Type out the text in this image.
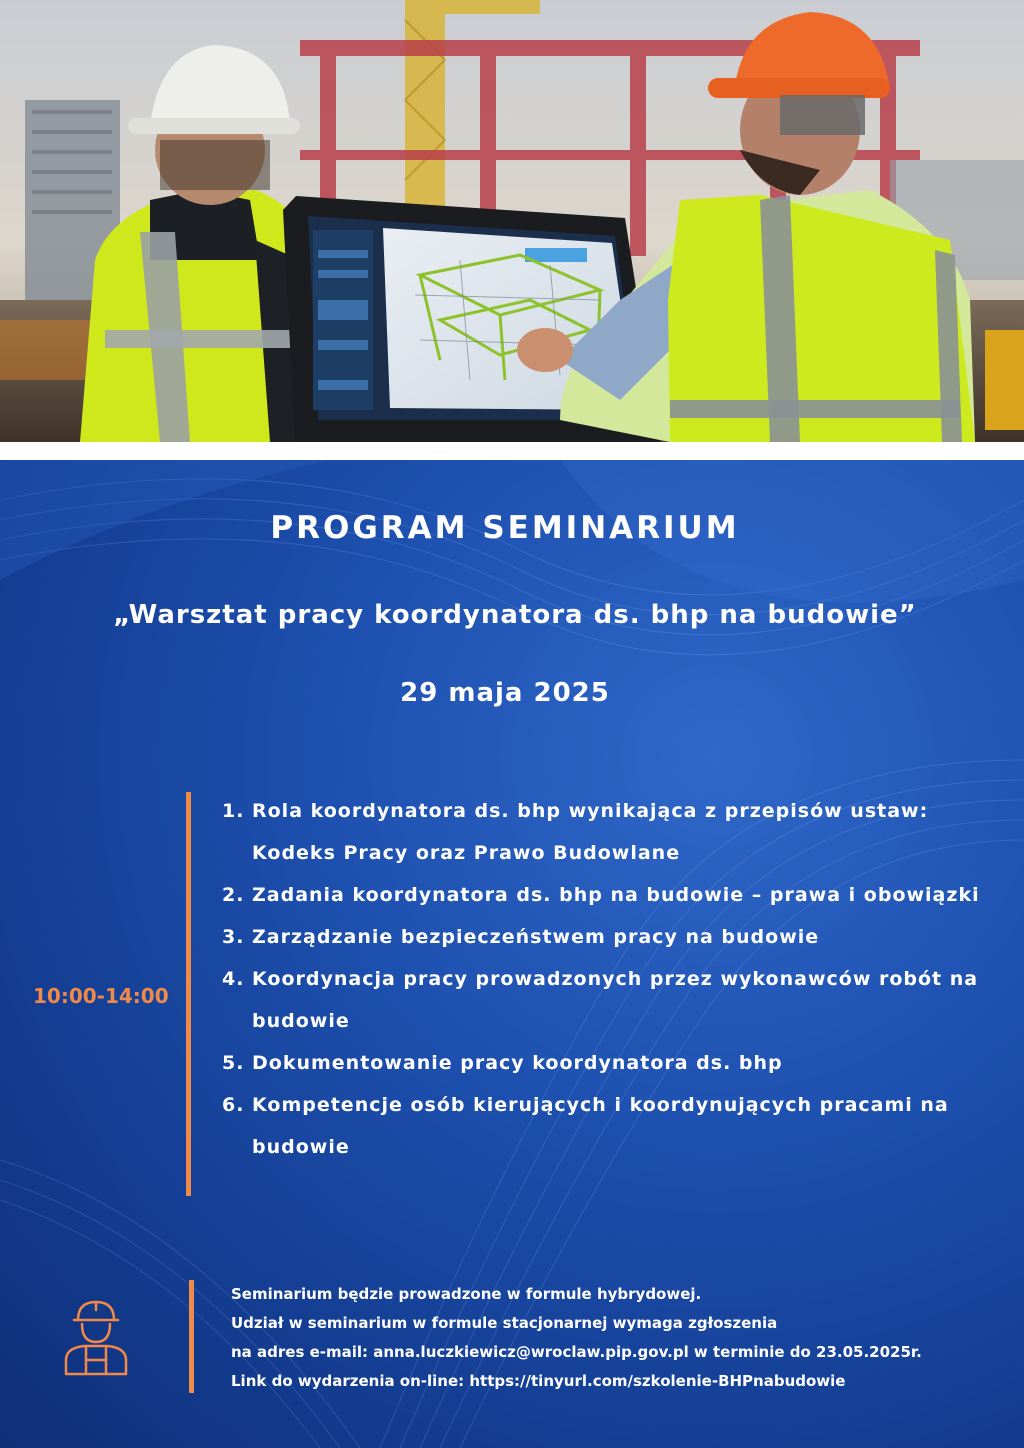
PROGRAM SEMINARIUM
„Warsztat pracy koordynatora ds. bhp na budowie”
29 maja 2025
10:00-14:00
1. Rola koordynatora ds. bhp wynikająca z przepisów ustaw: Kodeks Pracy oraz Prawo Budowlane
2. Zadania koordynatora ds. bhp na budowie – prawa i obowiązki
3. Zarządzanie bezpieczeństwem pracy na budowie
4. Koordynacja pracy prowadzonych przez wykonawców robót na budowie
5. Dokumentowanie pracy koordynatora ds. bhp
6. Kompetencje osób kierujących i koordynujących pracami na budowie

Seminarium będzie prowadzone w formule hybrydowej.

Udział w seminarium w formule stacjonarnej wymaga zgłoszenia

na adres e-mail: anna.luczkiewicz@wroclaw.pip.gov.pl w terminie do 23.05.2025r.

Link do wydarzenia on-line: https://tinyurl.com/szkolenie-BHPnabudowie
